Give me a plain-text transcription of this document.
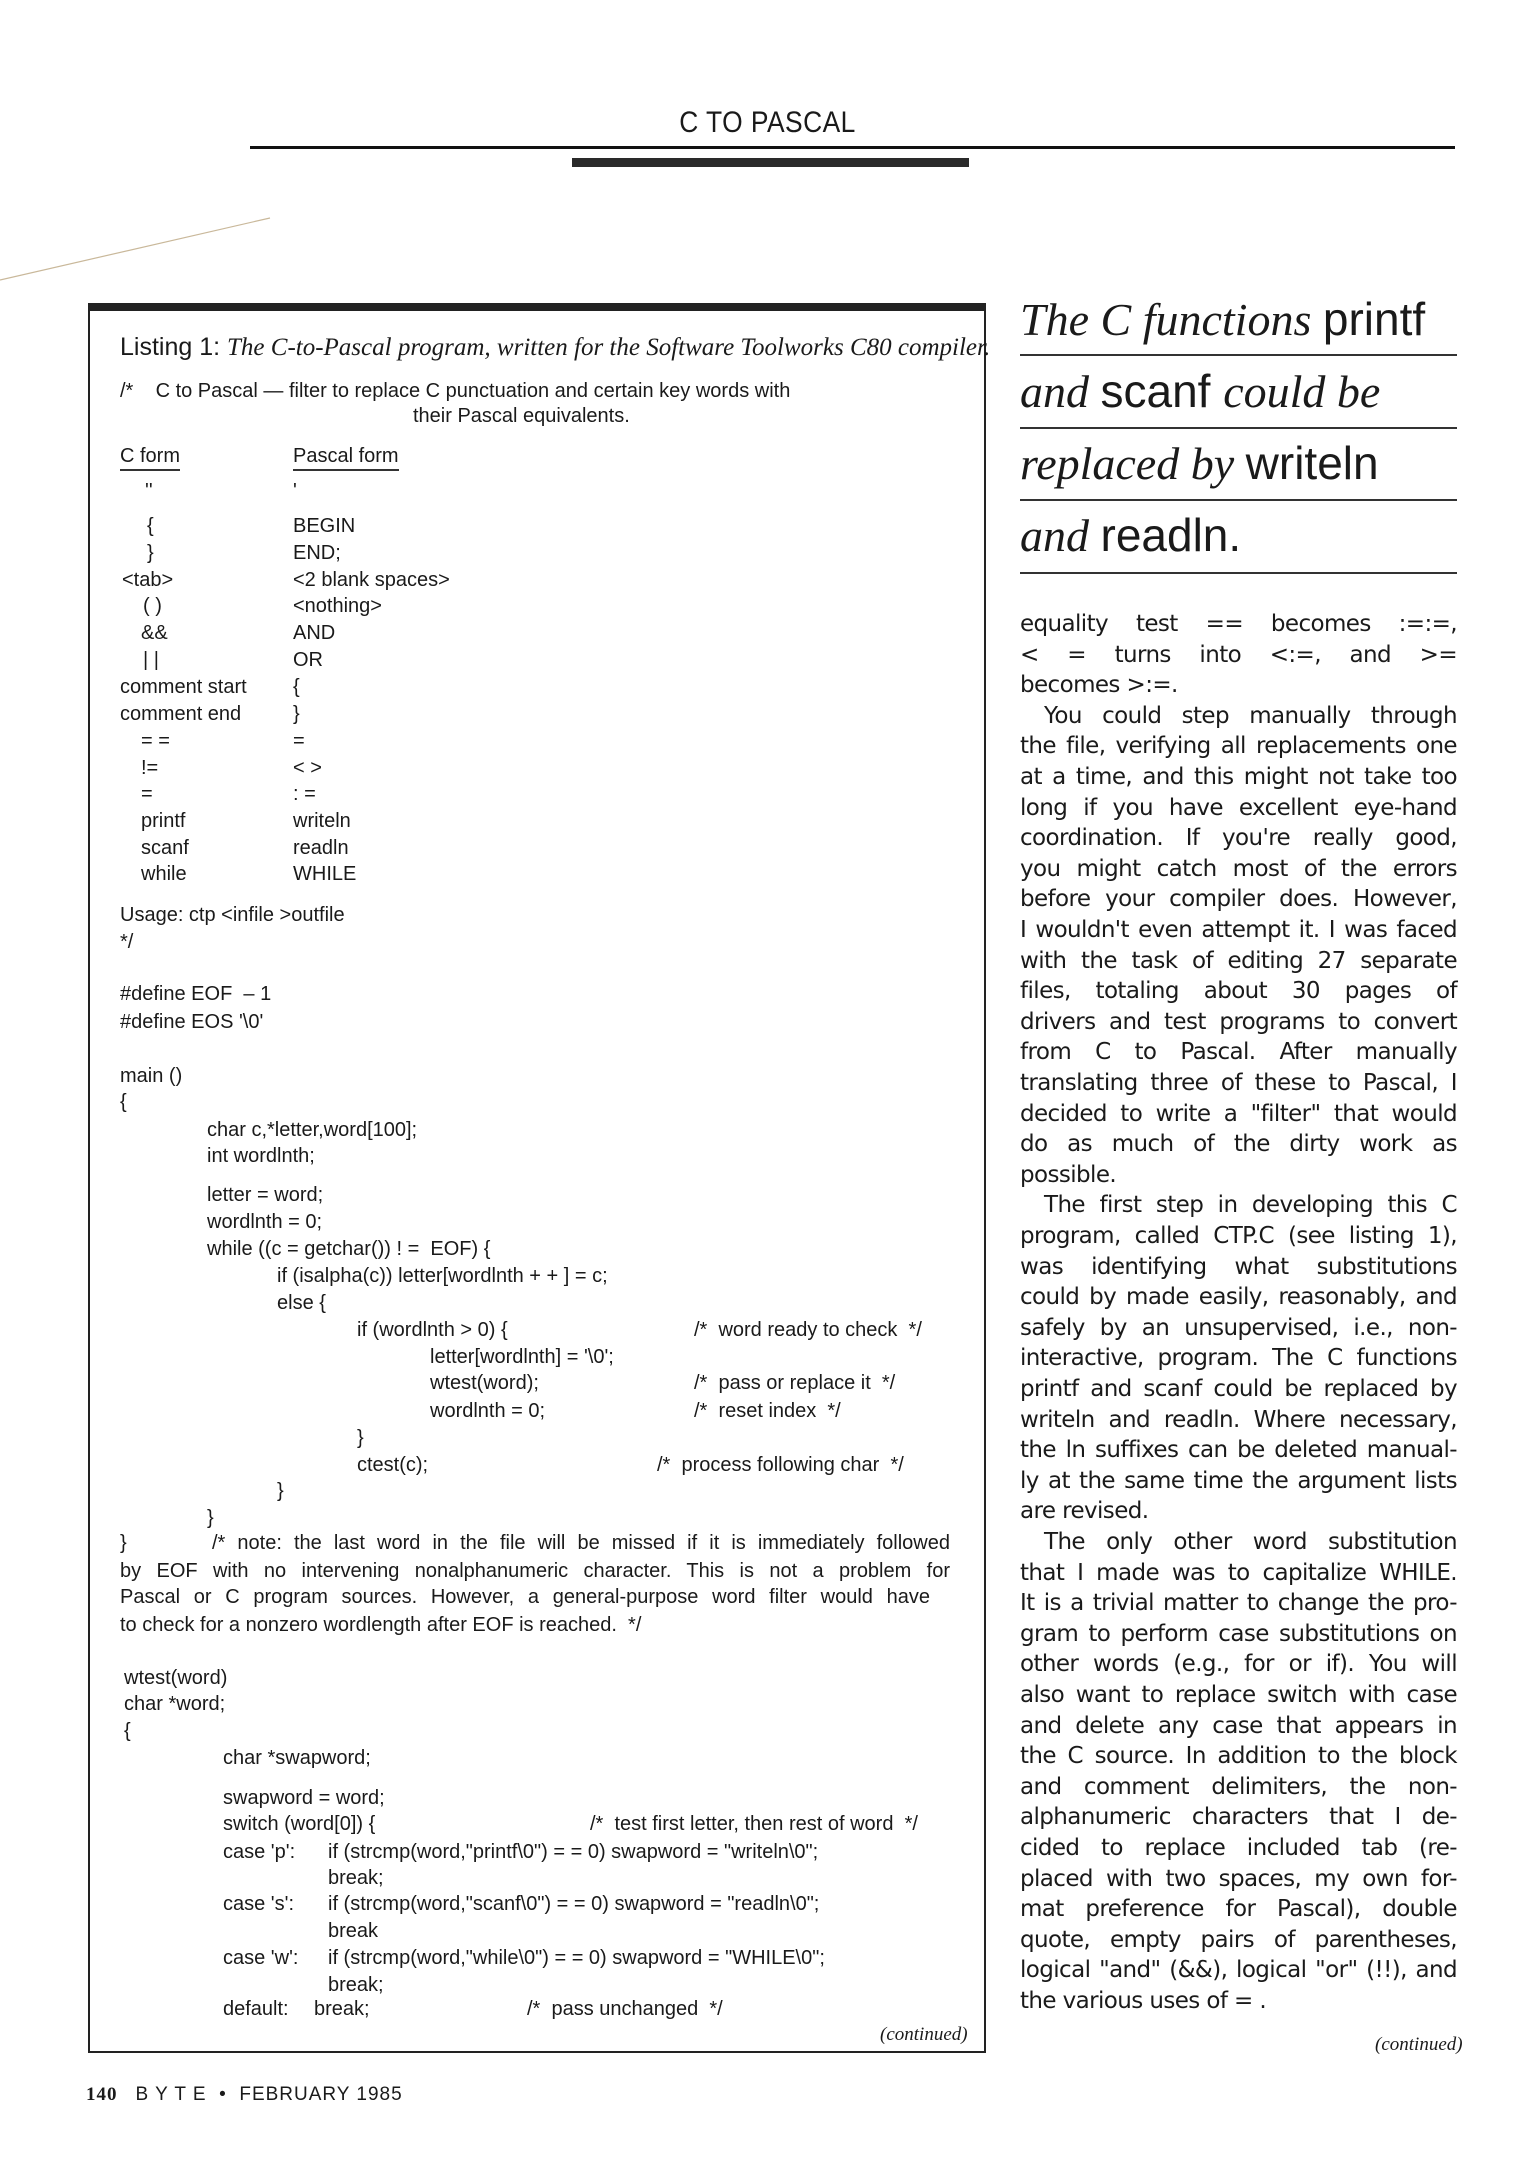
C TO PASCAL
Listing 1: The C-to-Pascal program, written for the Software Toolworks C80 compiler.
/*    C to Pascal — filter to replace C punctuation and certain key words with
their Pascal equivalents.
C form	Pascal form
''	'
{	BEGIN
}	END;
<tab>	<2 blank spaces>
( )	<nothing>
&&	AND
| |	OR
comment start {
comment end	}
= =	=
!=	< >
=	: =
printf	writeln
scanf	readln
while	WHILE
Usage: ctp <infile >outfile
*/
#define EOF  – 1
#define EOS '\0'
main ()
{
char c,*letter,word[100];
int wordlnth;
letter = word;
wordlnth = 0;
while ((c = getchar()) ! =  EOF) {
if (isalpha(c)) letter[wordlnth + + ] = c;
else {
if (wordlnth > 0) {	/*  word ready to check  */
letter[wordlnth] = '\0';
wtest(word);	/*  pass or replace it  */
wordlnth = 0;	/*  reset index  */
}
ctest(c);	/*  process following char  */
}
}
}	/* note: the last word in the file will be missed if it is immediately followed
by EOF with no intervening nonalphanumeric character. This is not a problem for
Pascal or C program sources. However, a general-purpose word filter would have
to check for a nonzero wordlength after EOF is reached.  */
wtest(word)
char *word;
{
char *swapword;
swapword = word;
switch (word[0]) {	/*  test first letter, then rest of word  */
case 'p': if (strcmp(word,"printf\0") = = 0) swapword = "writeln\0";
break;
case 's': if (strcmp(word,"scanf\0") = = 0) swapword = "readln\0";
break
case 'w': if (strcmp(word,"while\0") = = 0) swapword = "WHILE\0";
break;
default: break;	/*  pass unchanged  */
(continued)
The C functions printf
and scanf could be
replaced by writeln
and readln.
equality test == becomes :=:=,
< = turns into <:=, and >=
becomes >:=.
You could step manually through
the file, verifying all replacements one
at a time, and this might not take too
long if you have excellent eye-hand
coordination. If you're really good,
you might catch most of the errors
before your compiler does. However,
I wouldn't even attempt it. I was faced
with the task of editing 27 separate
files, totaling about 30 pages of
drivers and test programs to convert
from C to Pascal. After manually
translating three of these to Pascal, I
decided to write a "filter" that would
do as much of the dirty work as
possible.
The first step in developing this C
program, called CTP.C (see listing 1),
was identifying what substitutions
could by made easily, reasonably, and
safely by an unsupervised, i.e., non-
interactive, program. The C functions
printf and scanf could be replaced by
writeln and readln. Where necessary,
the ln suffixes can be deleted manual-
ly at the same time the argument lists
are revised.
The only other word substitution
that I made was to capitalize WHILE.
It is a trivial matter to change the pro-
gram to perform case substitutions on
other words (e.g., for or if). You will
also want to replace switch with case
and delete any case that appears in
the C source. In addition to the block
and comment delimiters, the non-
alphanumeric characters that I de-
cided to replace included tab (re-
placed with two spaces, my own for-
mat preference for Pascal), double
quote, empty pairs of parentheses,
logical "and" (&&), logical "or" (!!), and
the various uses of = .
(continued)
140 B Y T E  •  FEBRUARY 1985
